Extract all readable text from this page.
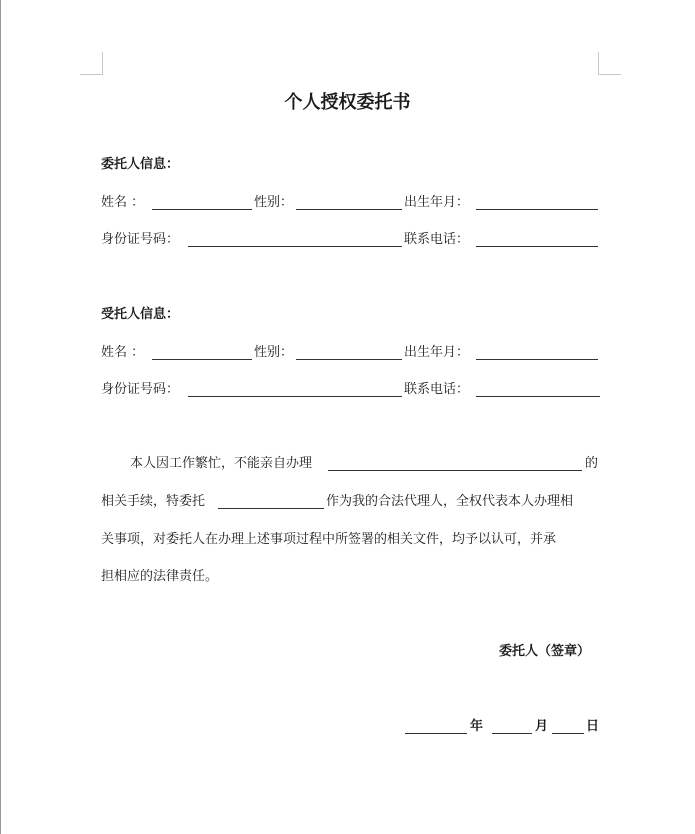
个人授权委托书
委托人信息：
姓名 ：	性别：	出生年月：
身份证号码：	联系电话：
受托人信息：
姓名 ：	性别：	出生年月：
身份证号码：	联系电话：
本人因工作繁忙，不能亲自办理	的
相关手续，特委托	作为我的合法代理人，全权代表本人办理相
关事项，对委托人在办理上述事项过程中所签署的相关文件，均予以认可，并承
担相应的法律责任。
委托人（签章）
年	月	日
